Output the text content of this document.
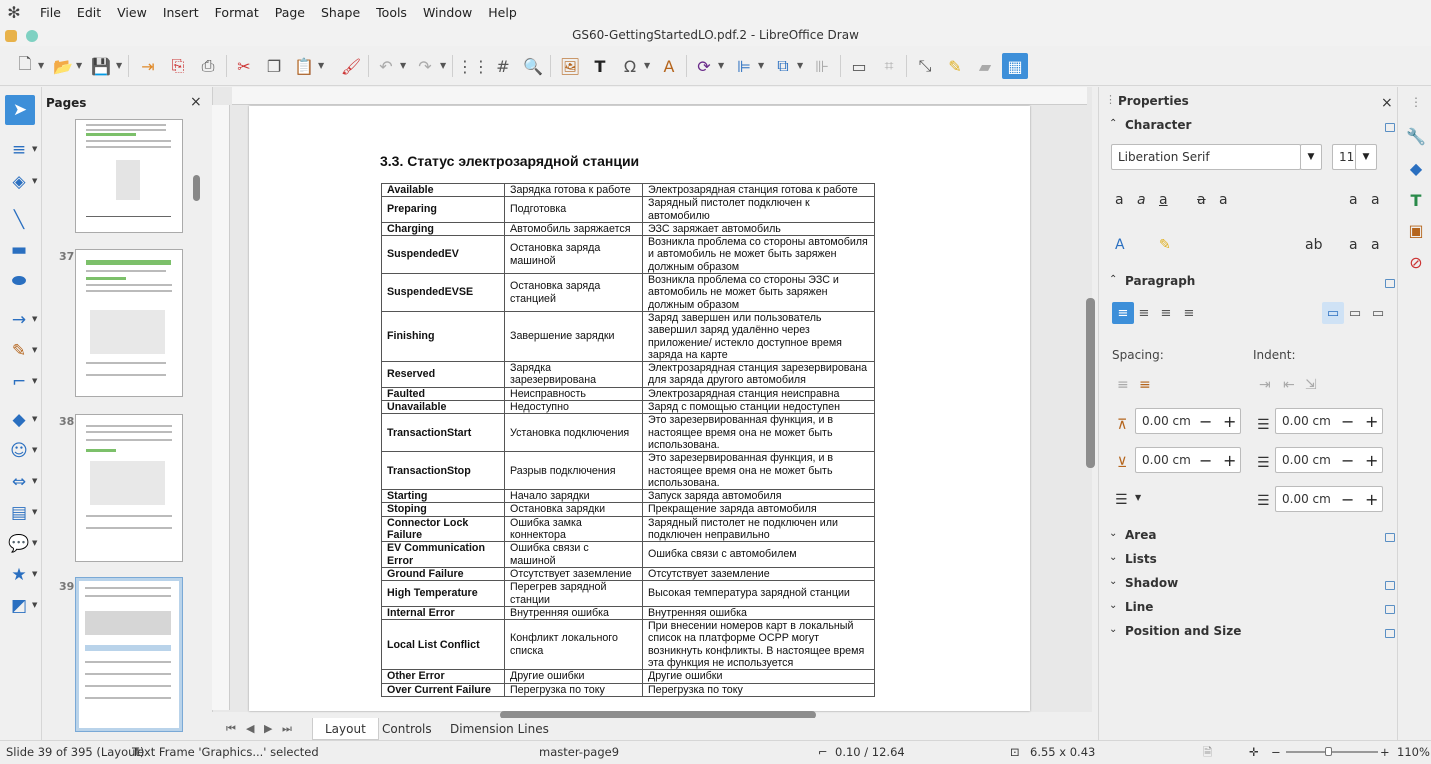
✻	File	Edit	View	Insert	Format	Page	Shape	Tools	Window	Help
GS60-GettingStartedLO.pdf.2 - LibreOffice Draw
🗋 ▼ 📂 ▼ 💾 ▼	⇥	⎘	⎙	✂	❐ 📋 ▼ 🖌	↶ ▼ ↷	▼ ⋮⋮ # 🔍 🖼 T	Ω ▼ A	⟳ ▼ ⊫ ▼ ⧉	▼ ⊪	▭	⌗	⤡	✎	▰	▦
➤
≡ ▼
◈ ▼
╲
▬
⬬
→ ▼
✎ ▼
⌐ ▼
◆ ▼
☺ ▼
⇔ ▼
▤ ▼
💬 ▼
★ ▼
◩ ▼
Pages	×
37
38
39
3.3. Статус электрозарядной станции
Available	Зарядка готова к работе	Электрозарядная станция готова к работе
Preparing	Подготовка	Зарядный пистолет подключен к автомобилю
Charging	Автомобиль заряжается	ЭЗС заряжает автомобиль
SuspendedEV	Остановка заряда машиной	Возникла проблема со стороны автомобиля и автомобиль не может быть заряжен должным образом
SuspendedEVSE	Остановка заряда станцией	Возникла проблема со стороны ЭЗС и автомобиль не может быть заряжен должным образом
Finishing	Завершение зарядки	Заряд завершен или пользователь завершил заряд удалённо через приложение/ истекло доступное время заряда на карте
Reserved	Зарядка зарезервирована	Электрозарядная станция зарезервирована для заряда другого автомобиля
Faulted	Неисправность	Электрозарядная станция неисправна
Unavailable	Недоступно	Заряд с помощью станции недоступен
TransactionStart	Установка подключения	Это зарезервированная функция, и в настоящее время она не может быть использована.
TransactionStop	Разрыв подключения	Это зарезервированная функция, и в настоящее время она не может быть использована.
Starting	Начало зарядки	Запуск заряда автомобиля
Stoping	Остановка зарядки	Прекращение заряда автомобиля
Connector Lock Failure	Ошибка замка коннектора	Зарядный пистолет не подключен или подключен неправильно
EV Communication Error	Ошибка связи с машиной	Ошибка связи с автомобилем
Ground Failure	Отсутствует заземление	Отсутствует заземление
High Temperature	Перегрев зарядной станции	Высокая температура зарядной станции
Internal Error	Внутренняя ошибка	Внутренняя ошибка
Local List Conflict	Конфликт локального списка	При внесении номеров карт в локальный список на платформе OCPP могут возникнуть конфликты. В настоящее время эта функция не используется
Other Error	Другие ошибки	Другие ошибки
Over Current Failure	Перегрузка по току	Перегрузка по току
⏮ ◀ ▶ ⏭	Layout	Controls	Dimension Lines
⋮ Properties	×
⌃ Character
Liberation Serif	▼	11 ▼
a a a a a	a a
A ✎	ab a a
⌃ Paragraph
≡ ≡ ≡ ≡	▭ ▭ ▭
Spacing:	Indent:
≡ ≡	⇥ ⇤ ⇲
⊼	0.00 cm − + ☰	0.00 cm − +
⊻	0.00 cm − + ☰	0.00 cm − +
☰ ▼	☰	0.00 cm − +
⌄ Area
⌄ Lists
⌄ Shadow
⌄ Line
⌄ Position and Size
⋮
🔧
◆
T
▣
⊘
Slide 39 of 395 (Layout)
Text Frame 'Graphics...' selected	master-page9	⌐ 0.10 / 12.64	⊡ 6.55 x 0.43	🗎	✛ −	+ 110%
